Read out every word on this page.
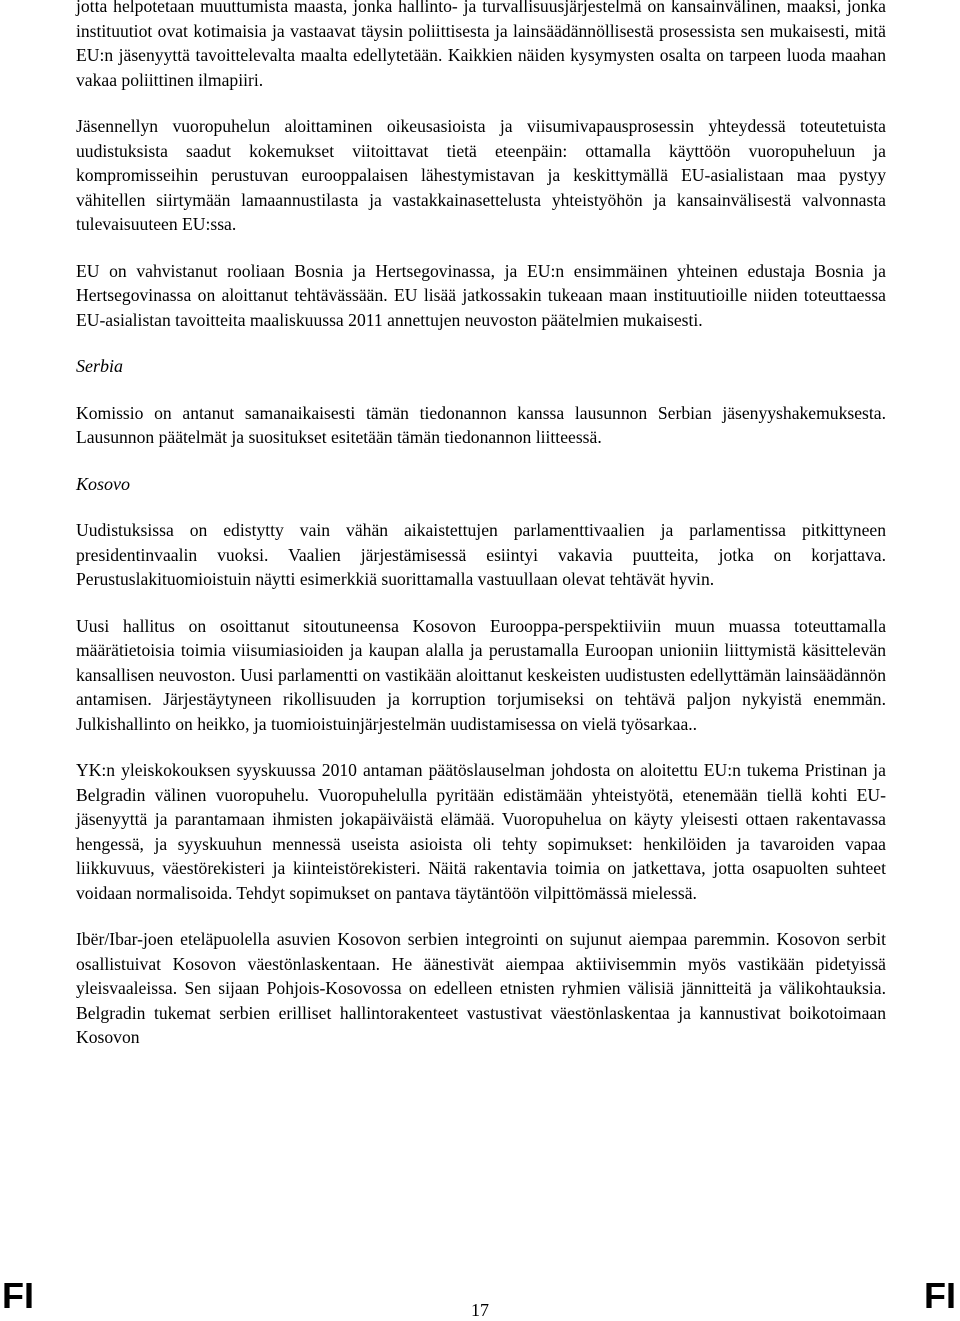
jotta helpotetaan muuttumista maasta, jonka hallinto- ja turvallisuusjärjestelmä on kansainvälinen, maaksi, jonka instituutiot ovat kotimaisia ja vastaavat täysin poliittisesta ja lainsäädännöllisestä prosessista sen mukaisesti, mitä EU:n jäsenyyttä tavoittelevalta maalta edellytetään. Kaikkien näiden kysymysten osalta on tarpeen luoda maahan vakaa poliittinen ilmapiiri.

Jäsennellyn vuoropuhelun aloittaminen oikeusasioista ja viisumivapausprosessin yhteydessä toteutetuista uudistuksista saadut kokemukset viitoittavat tietä eteenpäin: ottamalla käyttöön vuoropuheluun ja kompromisseihin perustuvan eurooppalaisen lähestymistavan ja keskittymällä EU-asialistaan maa pystyy vähitellen siirtymään lamaannustilasta ja vastakkainasettelusta yhteistyöhön ja kansainvälisestä valvonnasta tulevaisuuteen EU:ssa.

EU on vahvistanut rooliaan Bosnia ja Hertsegovinassa, ja EU:n ensimmäinen yhteinen edustaja Bosnia ja Hertsegovinassa on aloittanut tehtävässään. EU lisää jatkossakin tukeaan maan instituutioille niiden toteuttaessa EU-asialistan tavoitteita maaliskuussa 2011 annettujen neuvoston päätelmien mukaisesti.

Serbia

Komissio on antanut samanaikaisesti tämän tiedonannon kanssa lausunnon Serbian jäsenyyshakemuksesta. Lausunnon päätelmät ja suositukset esitetään tämän tiedonannon liitteessä.

Kosovo

Uudistuksissa on edistytty vain vähän aikaistettujen parlamenttivaalien ja parlamentissa pitkittyneen presidentinvaalin vuoksi. Vaalien järjestämisessä esiintyi vakavia puutteita, jotka on korjattava. Perustuslakituomioistuin näytti esimerkkiä suorittamalla vastuullaan olevat tehtävät hyvin.

Uusi hallitus on osoittanut sitoutuneensa Kosovon Eurooppa-perspektiiviin muun muassa toteuttamalla määrätietoisia toimia viisumiasioiden ja kaupan alalla ja perustamalla Euroopan unioniin liittymistä käsittelevän kansallisen neuvoston. Uusi parlamentti on vastikään aloittanut keskeisten uudistusten edellyttämän lainsäädännön antamisen. Järjestäytyneen rikollisuuden ja korruption torjumiseksi on tehtävä paljon nykyistä enemmän. Julkishallinto on heikko, ja tuomioistuinjärjestelmän uudistamisessa on vielä työsarkaa..

YK:n yleiskokouksen syyskuussa 2010 antaman päätöslauselman johdosta on aloitettu EU:n tukema Pristinan ja Belgradin välinen vuoropuhelu. Vuoropuhelulla pyritään edistämään yhteistyötä, etenemään tiellä kohti EU-jäsenyyttä ja parantamaan ihmisten jokapäiväistä elämää. Vuoropuhelua on käyty yleisesti ottaen rakentavassa hengessä, ja syyskuuhun mennessä useista asioista oli tehty sopimukset: henkilöiden ja tavaroiden vapaa liikkuvuus, väestörekisteri ja kiinteistörekisteri. Näitä rakentavia toimia on jatkettava, jotta osapuolten suhteet voidaan normalisoida. Tehdyt sopimukset on pantava täytäntöön vilpittömässä mielessä.

Ibër/Ibar-joen eteläpuolella asuvien Kosovon serbien integrointi on sujunut aiempaa paremmin. Kosovon serbit osallistuivat Kosovon väestönlaskentaan. He äänestivät aiempaa aktiivisemmin myös vastikään pidetyissä yleisvaaleissa. Sen sijaan Pohjois-Kosovossa on edelleen etnisten ryhmien välisiä jännitteitä ja välikohtauksia. Belgradin tukemat serbien erilliset hallintorakenteet vastustivat väestönlaskentaa ja kannustivat boikotoimaan Kosovon

FI	17	FI
